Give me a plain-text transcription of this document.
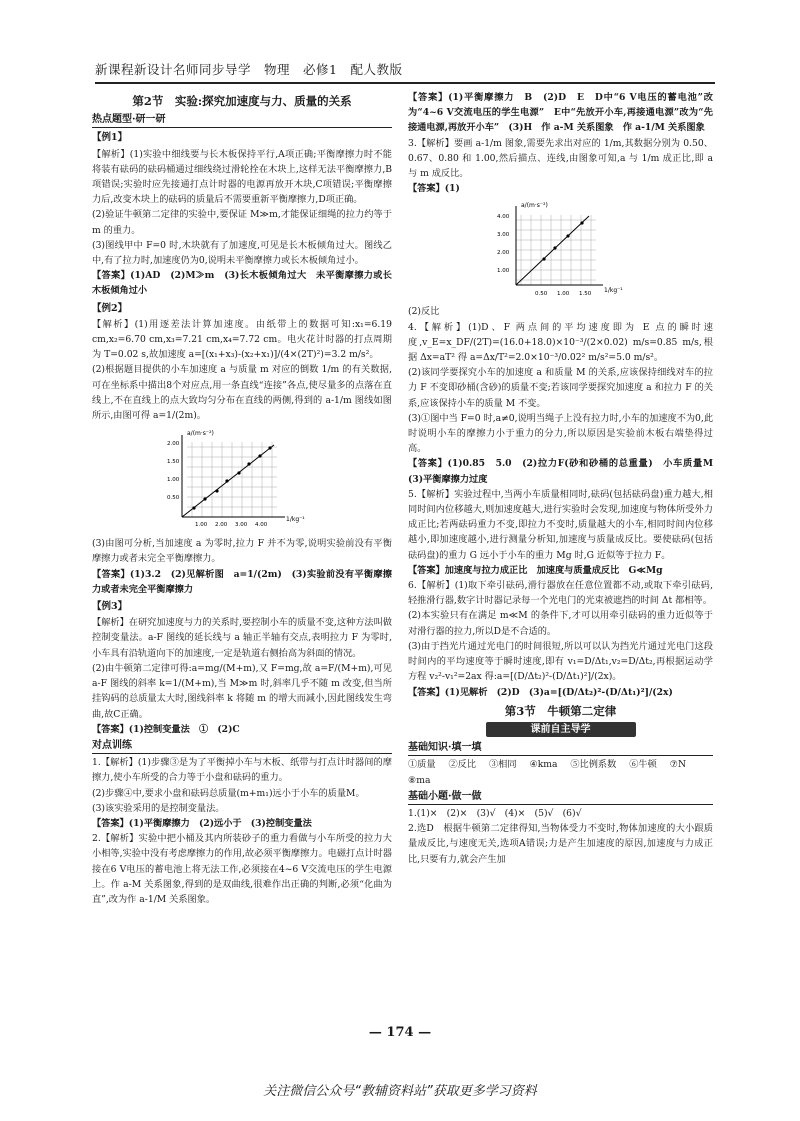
新课程新设计名师同步导学　物理　必修1　配人教版
第2节　实验:探究加速度与力、质量的关系
热点题型·研一研
【例1】

【解析】(1)实验中细线要与长木板保持平行,A项正确;平衡摩擦力时不能将装有砝码的砝码桶通过细线绕过滑轮拴在木块上,这样无法平衡摩擦力,B项错误;实验时应先接通打点计时器的电源再放开木块,C项错误;平衡摩擦力后,改变木块上的砝码的质量后不需要重新平衡摩擦力,D项正确。

(2)验证牛顿第二定律的实验中,要保证 M≫m,才能保证细绳的拉力约等于 m 的重力。

(3)图线甲中 F=0 时,木块就有了加速度,可见是长木板倾角过大。图线乙中,有了拉力时,加速度仍为0,说明未平衡摩擦力或长木板倾角过小。

【答案】(1)AD　(2)M≫m　(3)长木板倾角过大　未平衡摩擦力或长木板倾角过小

【例2】

【解析】(1)用逐差法计算加速度。由纸带上的数据可知:x₁=6.19 cm,x₂=6.70 cm,x₃=7.21 cm,x₄=7.72 cm。电火花计时器的打点周期为 T=0.02 s,故加速度 a=[(x₁+x₃)-(x₂+x₁)]/(4×(2T)²)=3.2 m/s²。

(2)根据题目提供的小车加速度 a 与质量 m 对应的倒数 1/m 的有关数据,可在坐标系中描出8个对应点,用一条直线“连接”各点,使尽量多的点落在直线上,不在直线上的点大致均匀分布在直线的两侧,得到的 a-1/m 图线如图所示,由图可得 a=1/(2m)。

a/(m·s⁻²)
1/kg⁻¹
0.50
1.00
1.50
2.00
1.00 2.00 3.00 4.00

(3)由图可分析,当加速度 a 为零时,拉力 F 并不为零,说明实验前没有平衡摩擦力或者未完全平衡摩擦力。

【答案】(1)3.2　(2)见解析图　a=1/(2m)　(3)实验前没有平衡摩擦力或者未完全平衡摩擦力

【例3】

【解析】在研究加速度与力的关系时,要控制小车的质量不变,这种方法叫做控制变量法。a-F 图线的延长线与 a 轴正半轴有交点,表明拉力 F 为零时,小车具有沿轨道向下的加速度,一定是轨道右侧抬高为斜面的情况。

(2)由牛顿第二定律可得:a=mg/(M+m),又 F=mg,故 a=F/(M+m),可见 a-F 图线的斜率 k=1/(M+m),当 M≫m 时,斜率几乎不随 m 改变,但当所挂钩码的总质量太大时,图线斜率 k 将随 m 的增大而减小,因此图线发生弯曲,故C正确。

【答案】(1)控制变量法　①　(2)C

对点训练

1.【解析】(1)步骤③是为了平衡掉小车与木板、纸带与打点计时器间的摩擦力,使小车所受的合力等于小盘和砝码的重力。

(2)步骤④中,要求小盘和砝码总质量(m+m₁)远小于小车的质量M。

(3)该实验采用的是控制变量法。

【答案】(1)平衡摩擦力　(2)远小于　(3)控制变量法

2.【解析】实验中把小桶及其内所装砂子的重力看做与小车所受的拉力大小相等,实验中没有考虑摩擦力的作用,故必须平衡摩擦力。电磁打点计时器接在6 V电压的蓄电池上将无法工作,必须接在4~6 V交流电压的学生电源上。作 a-M 关系图象,得到的是双曲线,很难作出正确的判断,必须“化曲为直”,改为作 a-1/M 关系图象。

【答案】(1)平衡摩擦力　B　(2)D　E　D中“6 V电压的蓄电池”改为“4~6 V交流电压的学生电源”　E中“先放开小车,再接通电源”改为“先接通电源,再放开小车”　(3)H　作 a-M 关系图象　作 a-1/M 关系图象

3.【解析】要画 a-1/m 图象,需要先求出对应的 1/m,其数据分别为 0.50、0.67、0.80 和 1.00,然后描点、连线,由图象可知,a 与 1/m 成正比,即 a 与 m 成反比。

【答案】(1)

a/(m·s⁻²)
1/kg⁻¹
1.00
2.00
3.00
4.00
0.50 1.00 1.50

(2)反比

4.【解析】(1)D、F 两点间的平均速度即为 E 点的瞬时速度,v_E=x_DF/(2T)=(16.0+18.0)×10⁻³/(2×0.02) m/s=0.85 m/s,根据 Δx=aT² 得 a=Δx/T²=2.0×10⁻³/0.02² m/s²=5.0 m/s²。

(2)该同学要探究小车的加速度 a 和质量 M 的关系,应该保持细线对车的拉力 F 不变即砂桶(含砂)的质量不变;若该同学要探究加速度 a 和拉力 F 的关系,应该保持小车的质量 M 不变。

(3)①图中当 F=0 时,a≠0,说明当绳子上没有拉力时,小车的加速度不为0,此时说明小车的摩擦力小于重力的分力,所以原因是实验前木板右端垫得过高。

【答案】(1)0.85　5.0　(2)拉力F(砂和砂桶的总重量)　小车质量M　(3)平衡摩擦力过度

5.【解析】实验过程中,当两小车质量相同时,砝码(包括砝码盘)重力越大,相同时间内位移越大,则加速度越大,进行实验时会发现,加速度与物体所受外力成正比;若两砝码重力不变,即拉力不变时,质量越大的小车,相同时间内位移越小,即加速度越小,进行测量分析知,加速度与质量成反比。要使砝码(包括砝码盘)的重力 G 远小于小车的重力 Mg 时,G 近似等于拉力 F。

【答案】加速度与拉力成正比　加速度与质量成反比　G≪Mg

6.【解析】(1)取下牵引砝码,滑行器放在任意位置都不动,或取下牵引砝码,轻推滑行器,数字计时器记录每一个光电门的光束被遮挡的时间 Δt 都相等。

(2)本实验只有在满足 m≪M 的条件下,才可以用牵引砝码的重力近似等于对滑行器的拉力,所以D是不合适的。

(3)由于挡光片通过光电门的时间很短,所以可以认为挡光片通过光电门这段时间内的平均速度等于瞬时速度,即有 v₁=D/Δt₁,v₂=D/Δt₂,再根据运动学方程 v₂²-v₁²=2ax 得:a=[(D/Δt₂)²-(D/Δt₁)²]/(2x)。

【答案】(1)见解析　(2)D　(3)a=[(D/Δt₂)²-(D/Δt₁)²]/(2x)

第3节　牛顿第二定律
课前自主导学
基础知识·填一填
①质量 ②反比 ③相同 ④kma ⑤比例系数 ⑥牛顿 ⑦N ⑧ma
基础小题·做一做

1.(1)×　(2)×　(3)√　(4)×　(5)√　(6)√

2.选D　根据牛顿第二定律得知,当物体受力不变时,物体加速度的大小跟质量成反比,与速度无关,选项A错误;力是产生加速度的原因,加速度与力成正比,只要有力,就会产生加

— 174 —
关注微信公众号“教辅资料站”获取更多学习资料
